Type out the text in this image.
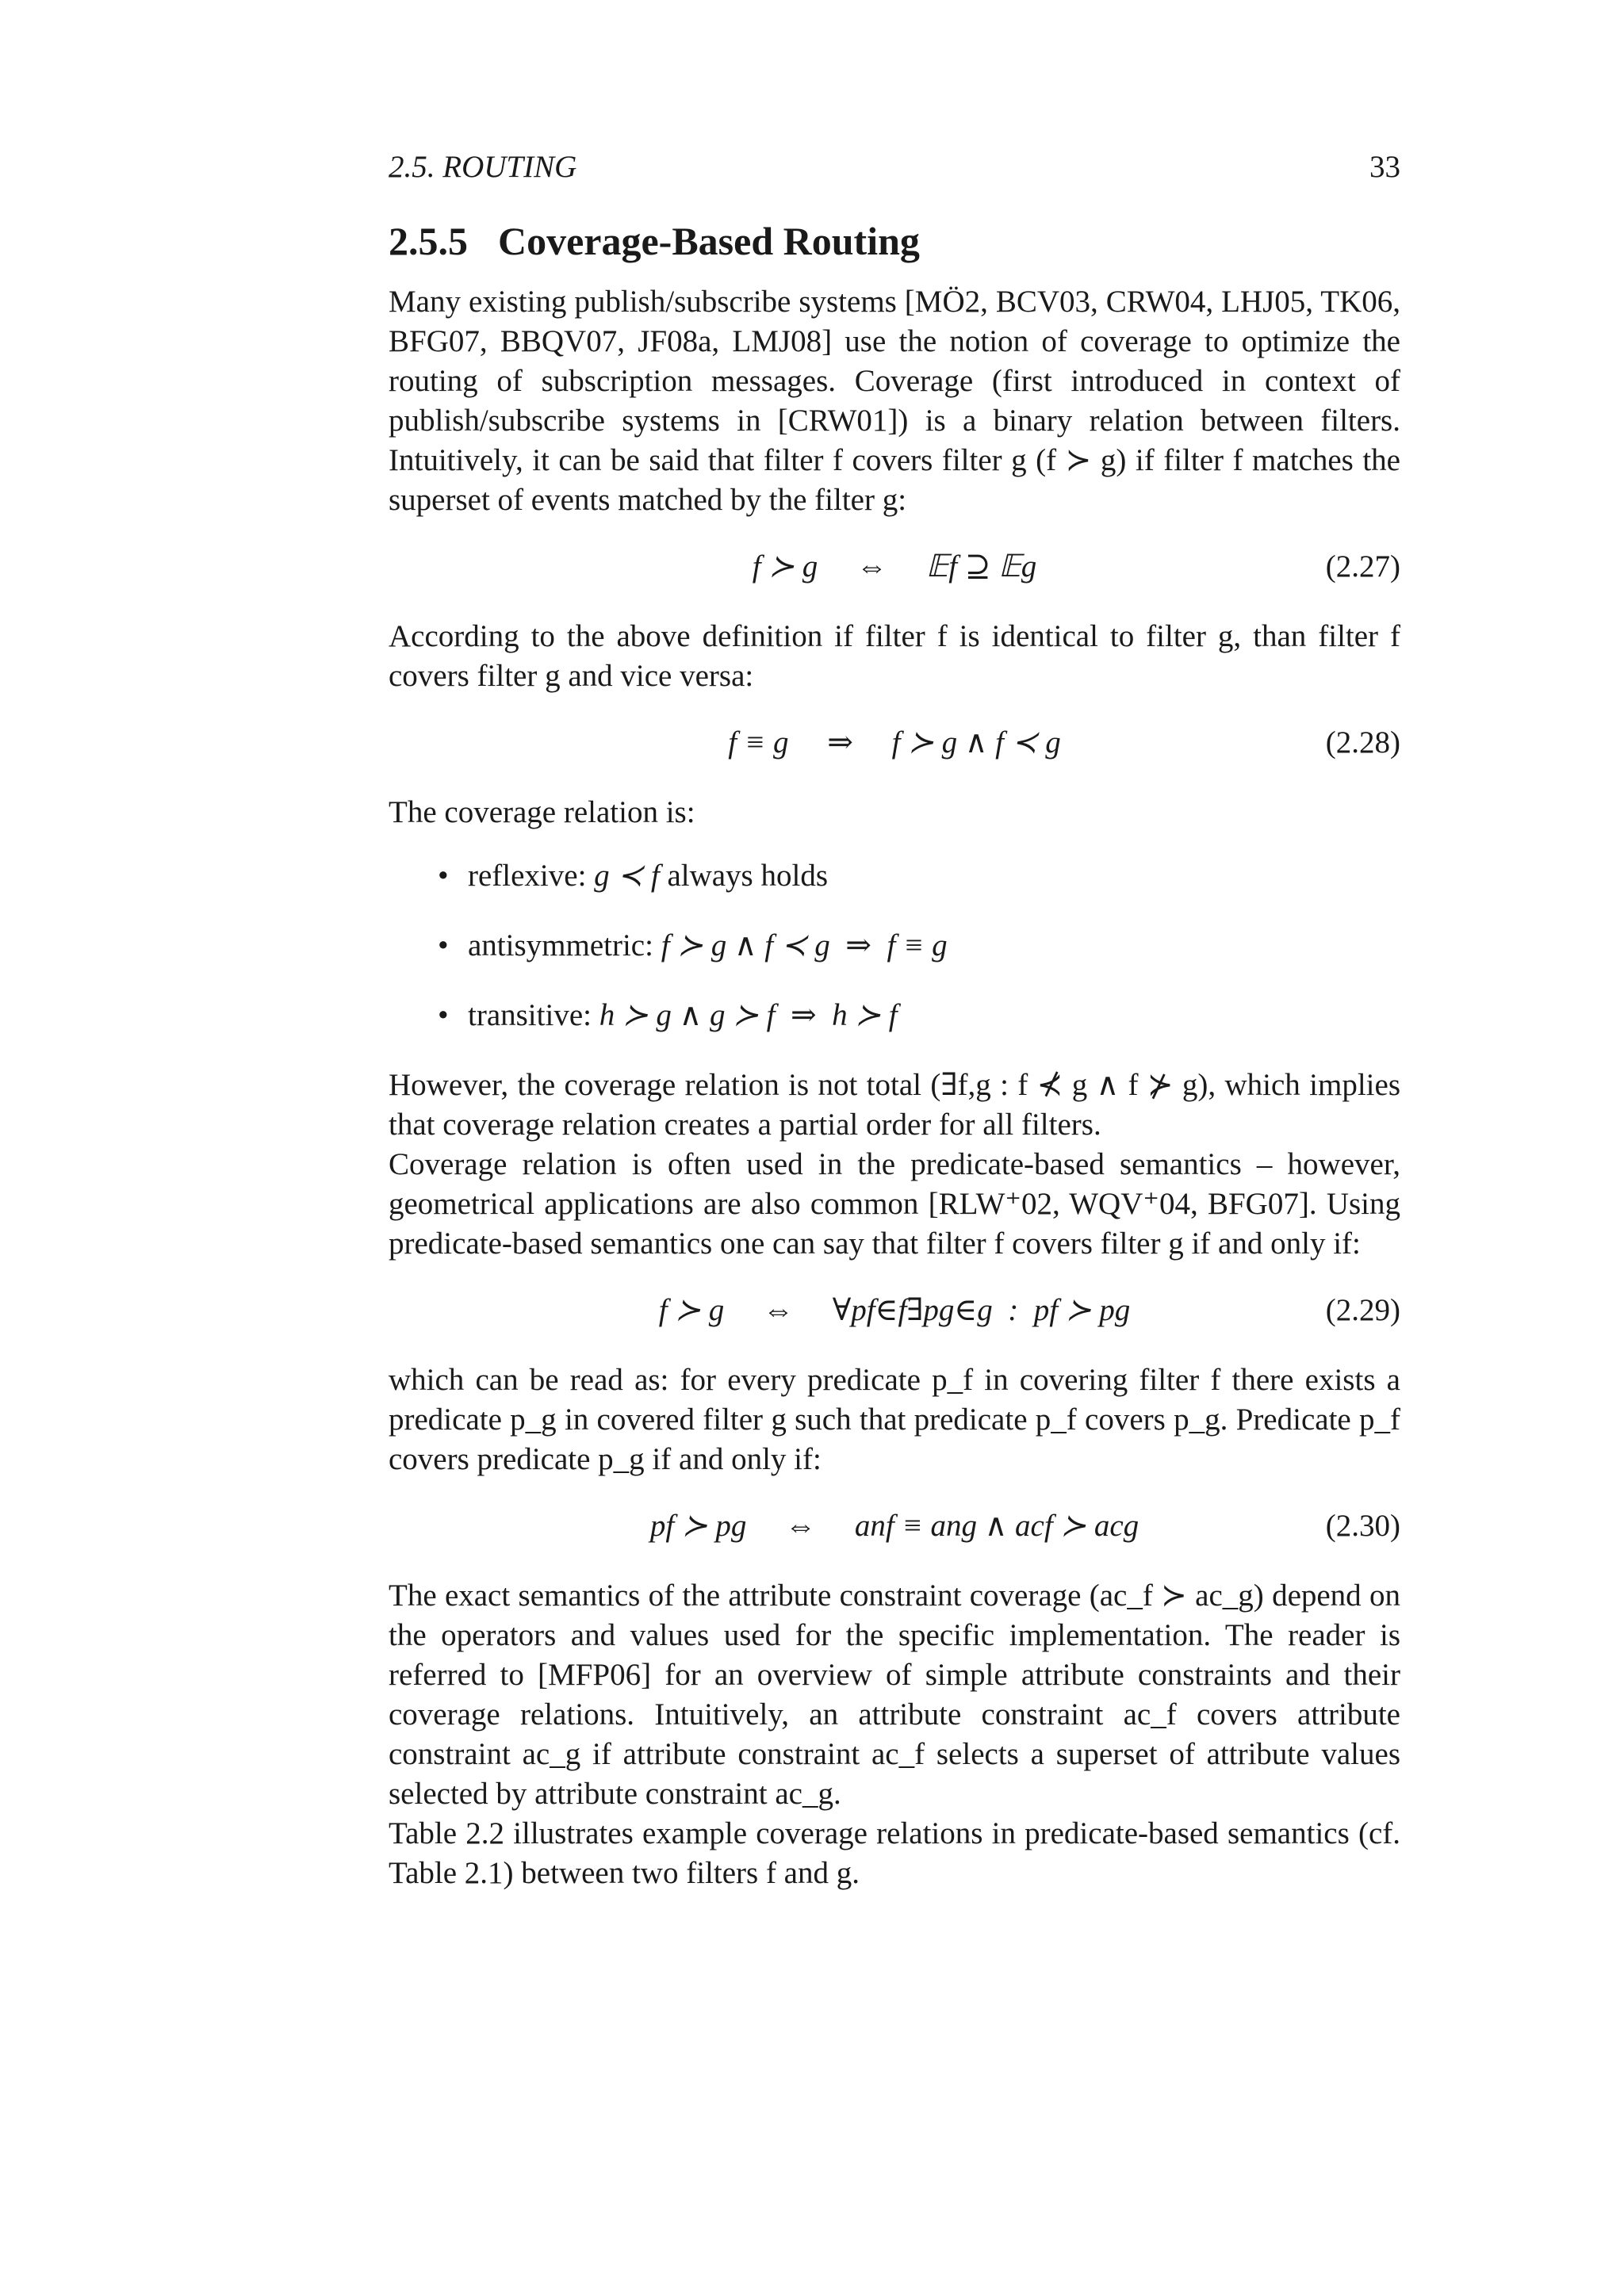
2.5. ROUTING	33
2.5.5 Coverage-Based Routing

Many existing publish/subscribe systems [MÖ2, BCV03, CRW04, LHJ05, TK06, BFG07, BBQV07, JF08a, LMJ08] use the notion of coverage to optimize the routing of subscription messages. Coverage (first introduced in context of publish/subscribe systems in [CRW01]) is a binary relation between filters. Intuitively, it can be said that filter f covers filter g (f ≻ g) if filter f matches the superset of events matched by the filter g:

f ≻ g     ⇔     𝔼f ⊇ 𝔼g	(2.27)

According to the above definition if filter f is identical to filter g, than filter f covers filter g and vice versa:

f ≡ g     ⇒     f ≻ g ∧ f ≺ g	(2.28)

The coverage relation is:

• reflexive: g ≺ f always holds
• antisymmetric: f ≻ g ∧ f ≺ g  ⇒  f ≡ g
• transitive: h ≻ g ∧ g ≻ f  ⇒  h ≻ f

However, the coverage relation is not total (∃f,g : f ⊀ g ∧ f ⊁ g), which implies that coverage relation creates a partial order for all filters.

Coverage relation is often used in the predicate-based semantics – however, geometrical applications are also common [RLW⁺02, WQV⁺04, BFG07]. Using predicate-based semantics one can say that filter f covers filter g if and only if:

f ≻ g     ⇔     ∀pf∈f∃pg∈g  :  pf ≻ pg	(2.29)

which can be read as: for every predicate p_f in covering filter f there exists a predicate p_g in covered filter g such that predicate p_f covers p_g. Predicate p_f covers predicate p_g if and only if:

pf ≻ pg     ⇔     anf ≡ ang ∧ acf ≻ acg	(2.30)

The exact semantics of the attribute constraint coverage (ac_f ≻ ac_g) depend on the operators and values used for the specific implementation. The reader is referred to [MFP06] for an overview of simple attribute constraints and their coverage relations. Intuitively, an attribute constraint ac_f covers attribute constraint ac_g if attribute constraint ac_f selects a superset of attribute values selected by attribute constraint ac_g.

Table 2.2 illustrates example coverage relations in predicate-based semantics (cf. Table 2.1) between two filters f and g.
